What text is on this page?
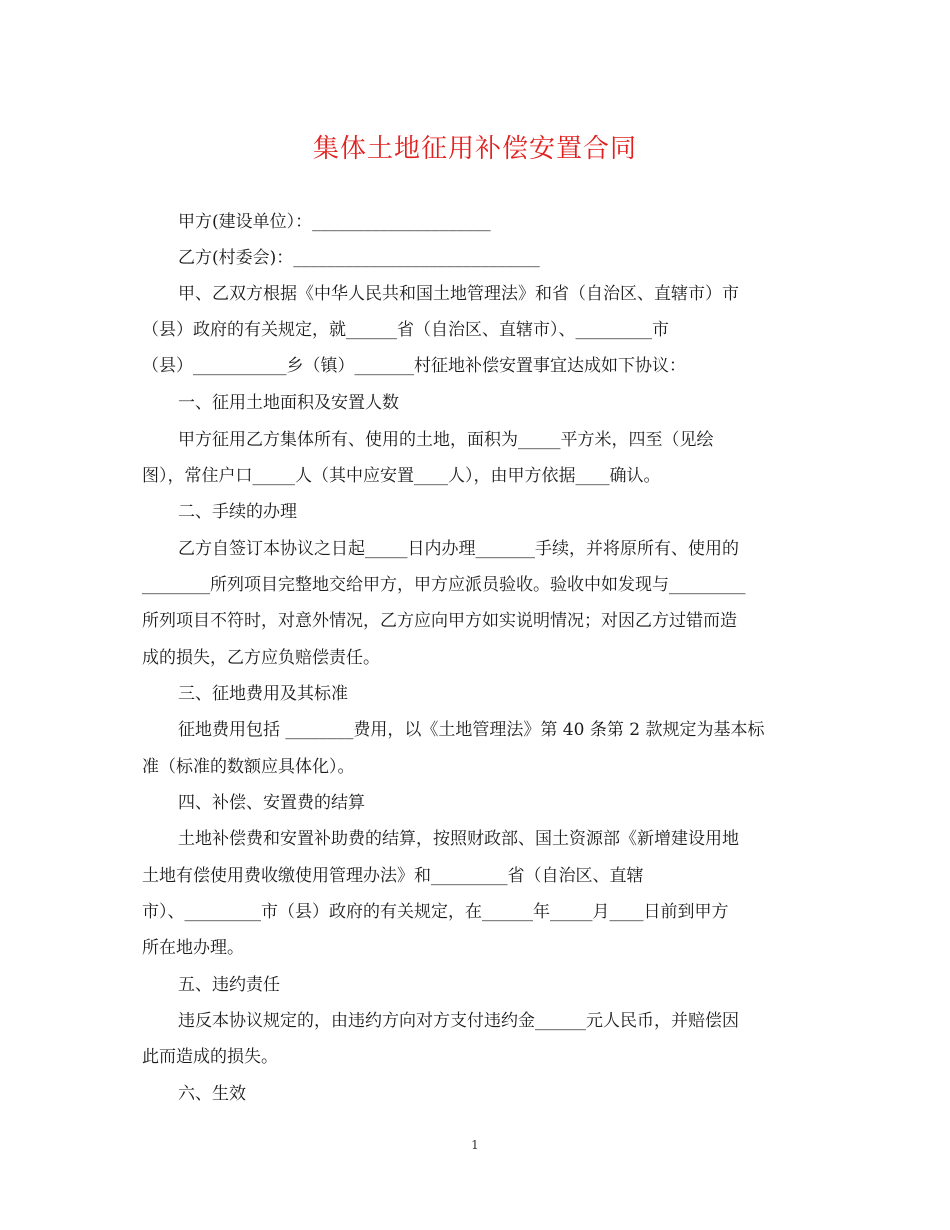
集体土地征用补偿安置合同
甲方(建设单位）：_____________________
乙方(村委会)：_____________________________
甲、乙双方根据《中华人民共和国土地管理法》和省（自治区、直辖市）市
（县）政府的有关规定，就______省（自治区、直辖市）、_________市
（县）___________乡（镇）_______村征地补偿安置事宜达成如下协议：
一、征用土地面积及安置人数
甲方征用乙方集体所有、使用的土地，面积为_____平方米，四至（见绘
图），常住户口_____人（其中应安置____人），由甲方依据____确认。
二、手续的办理
乙方自签订本协议之日起_____日内办理_______手续，并将原所有、使用的
________所列项目完整地交给甲方，甲方应派员验收。验收中如发现与_________
所列项目不符时，对意外情况，乙方应向甲方如实说明情况；对因乙方过错而造
成的损失，乙方应负赔偿责任。
三、征地费用及其标准
征地费用包括 ________费用，以《土地管理法》第 40 条第 2 款规定为基本标
准（标准的数额应具体化）。
四、补偿、安置费的结算
土地补偿费和安置补助费的结算，按照财政部、国土资源部《新增建设用地
土地有偿使用费收缴使用管理办法》和_________省（自治区、直辖
市）、_________市（县）政府的有关规定，在______年_____月____日前到甲方
所在地办理。
五、违约责任
违反本协议规定的，由违约方向对方支付违约金______元人民币，并赔偿因
此而造成的损失。
六、生效
1
